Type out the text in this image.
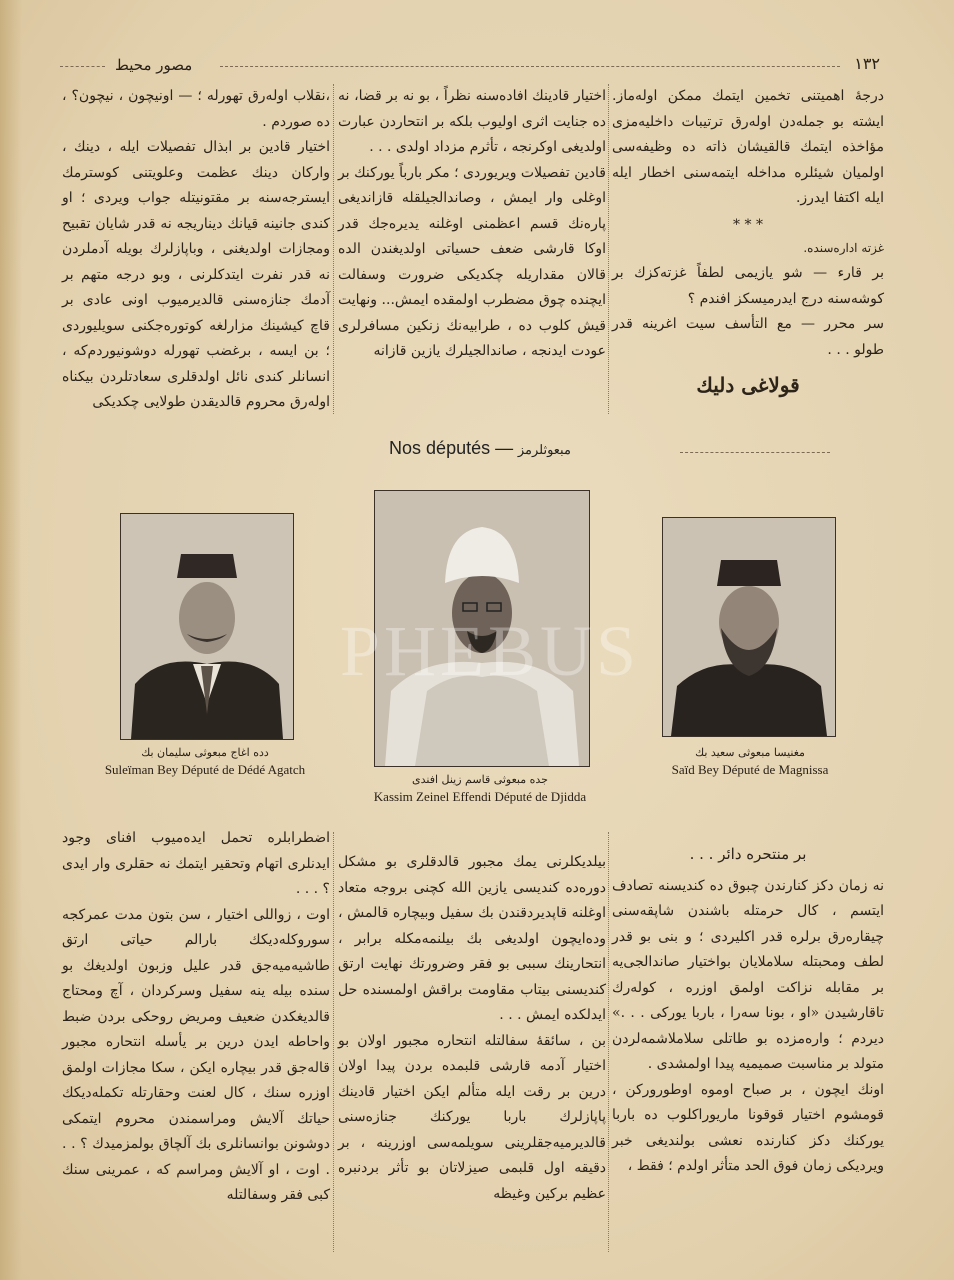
مصور محيط	١٣٢

درجهٔ اهميتنى تخمين ايتمك ممكن اوله‌ماز. ايشته بو جمله‌دن اوله‌رق ترتيبات داخليه‌مزى مؤاخذه ايتمك قالقيشان ذاته ده وظيفه‌سى اولميان شيئلره مداخله ايتمه‌سنى اخطار ايله ايله اكتفا ايدرز.

* * *

غزته اداره‌سنده.

بر قارء — شو يازيمى لطفاً غزته‌كزك بر كوشه‌سنه درج ايدرميسكز افندم ؟

سر محرر — مع التأسف سيت اغرينه قدر طولو . . .

قولاغى دليك

اختيار قادينك افاده‌سنه نظراً ، بو نه بر قضا، نه ده جنايت اثرى اوليوب بلكه بر انتحاردن عبارت اولديغى اوكرنجه ، تأثرم مزداد اولدى . . .

قادين تفصيلات ويريوردى ؛ مكر بارباً يوركنك بر اوغلى وار ايمش ، وصاندالجيلقله قازانديغى پاره‌نك قسم اعظمنى اوغلنه يديره‌جك قدر اوكا قارشى ضعف حسياتى اولديغندن الده قالان مقداريله چكديكى ضرورت وسفالت ايچنده چوق مضطرب اولمقده ايمش... ونهايت قيش كلوب ده ، طرابيه‌نك زنكين مسافرلرى عودت ايدنجه ، صاندالجيلرك يازين قازانه

،نقلاب اوله‌رق تهورله ؛ — اونيچون ، نيچون؟ ، ده صوردم .

اختيار قادين بر ابذال تفصيلات ايله ، دينك ، واركان دينك عظمت وعلويتنى كوسترمك ايسترجه‌سنه بر مقتونيتله جواب ويردى ؛ او كندى جانينه قيانك ديناريجه نه قدر شايان تقبيح ومجازات اولديغنى ، وباپازلرك بويله آدملردن نه قدر نفرت ايتدكلرنى ، وبو درجه متهم بر آدمك جنازه‌سنى قالديرميوب اونى عادى بر قاچ كيشينك مزارلغه كوتوره‌جكنى سويليوردى ؛ بن ايسه ، برغضب تهورله دوشونيوردم‌كه ، انسانلر كندى نائل اولدقلرى سعادتلردن بيكناه اوله‌رق محروم قالديقدن طولايى چكديكى

Nos députés — مبعوثلرمز
دده اغاج مبعوثى سليمان بك
Suleïman Bey Député de Dédé Agatch
جده مبعوثى قاسم زينل افندى
Kassim Zeinel Effendi Député de Djidda
مغنيسا مبعوثى سعيد بك
Saïd Bey Député de Magnissa
PHEBUS
بر منتحره دائر . . .

نه زمان دكز كنارندن چبوق ده كنديسنه تصادف ايتسم ، كال حرمتله باشندن شاپقه‌سنى چيقاره‌رق برلره قدر اكليردى ؛ و بنى بو قدر لطف ومحبتله سلاملايان بواختيار صاندالجى‌يه بر مقابله نزاكت اولمق اوزره ، كوله‌رك تاقارشيدن «او ، بونا سه‌را ، باربا يوركى . . .» ديردم ؛ واره‌مزده بو طاتلى سلاملاشمه‌لردن متولد بر مناسبت صميميه پيدا اولمشدى .

اونك ايچون ، بر صباح اوموه اوطوروركن ، قومشوم اختيار قوقونا ماريوراكلوب ده باربا يوركنك دكز كنارنده نعشى بولنديغى خبر ويرديكى زمان فوق الحد متأثر اولدم ؛ فقط ،

بيلديكلرنى يمك مجبور قالدقلرى بو مشكل دوره‌ده كنديسى يازين الله كچنى بروجه متعاد اوغلنه قاپديردقندن بك سفيل وبيچاره قالمش ، وده‌ايچون اولديغى بك بيلنمه‌مكله برابر ، انتحارينك سببى بو فقر وضرورتك نهايت ارتق كنديسنى بيتاب مقاومت براقش اولمسنده حل ايدلكده ايمش . . .

بن ، سائقهٔ سفالتله انتحاره مجبور اولان بو اختيار آدمه قارشى قلبمده بردن پيدا اولان درين بر رقت ايله متألم ايكن اختيار قادينك پاپازلرك باربا يوركنك جنازه‌سنى قالديرميه‌جقلرينى سويلمه‌سى اوزرينه ، بر دقيقه اول قلبمى صيزلاتان بو تأثر بردنبره عظيم بركين وغيظه

اضطرابلره تحمل ايده‌ميوب افناى وجود ايدنلرى اتهام وتحقير ايتمك نه حقلرى وار ايدى ؟ . . .

اوت ، زواللى اختيار ، سن بتون مدت عمركجه سوروكله‌ديكك بارالم حياتى ارتق طاشيه‌ميه‌جق قدر عليل وزبون اولديغك بو سنده بيله ينه سفيل وسركردان ، آچ ومحتاج قالديغكدن ضعيف ومريض روحكى بردن ضبط واحاطه ايدن درين بر يأسله انتحاره مجبور قاله‌جق قدر بيچاره ايكن ، سكا مجازات اولمق اوزره سنك ، كال لعنت وحقارتله تكمله‌ديكك حياتك آلايش ومراسمندن محروم ايتمكى دوشونن بوانسانلرى بك آلچاق بولمزميدك ؟ . . . اوت ، او آلايش ومراسم كه ، عمرينى سنك كبى فقر وسفالتله
